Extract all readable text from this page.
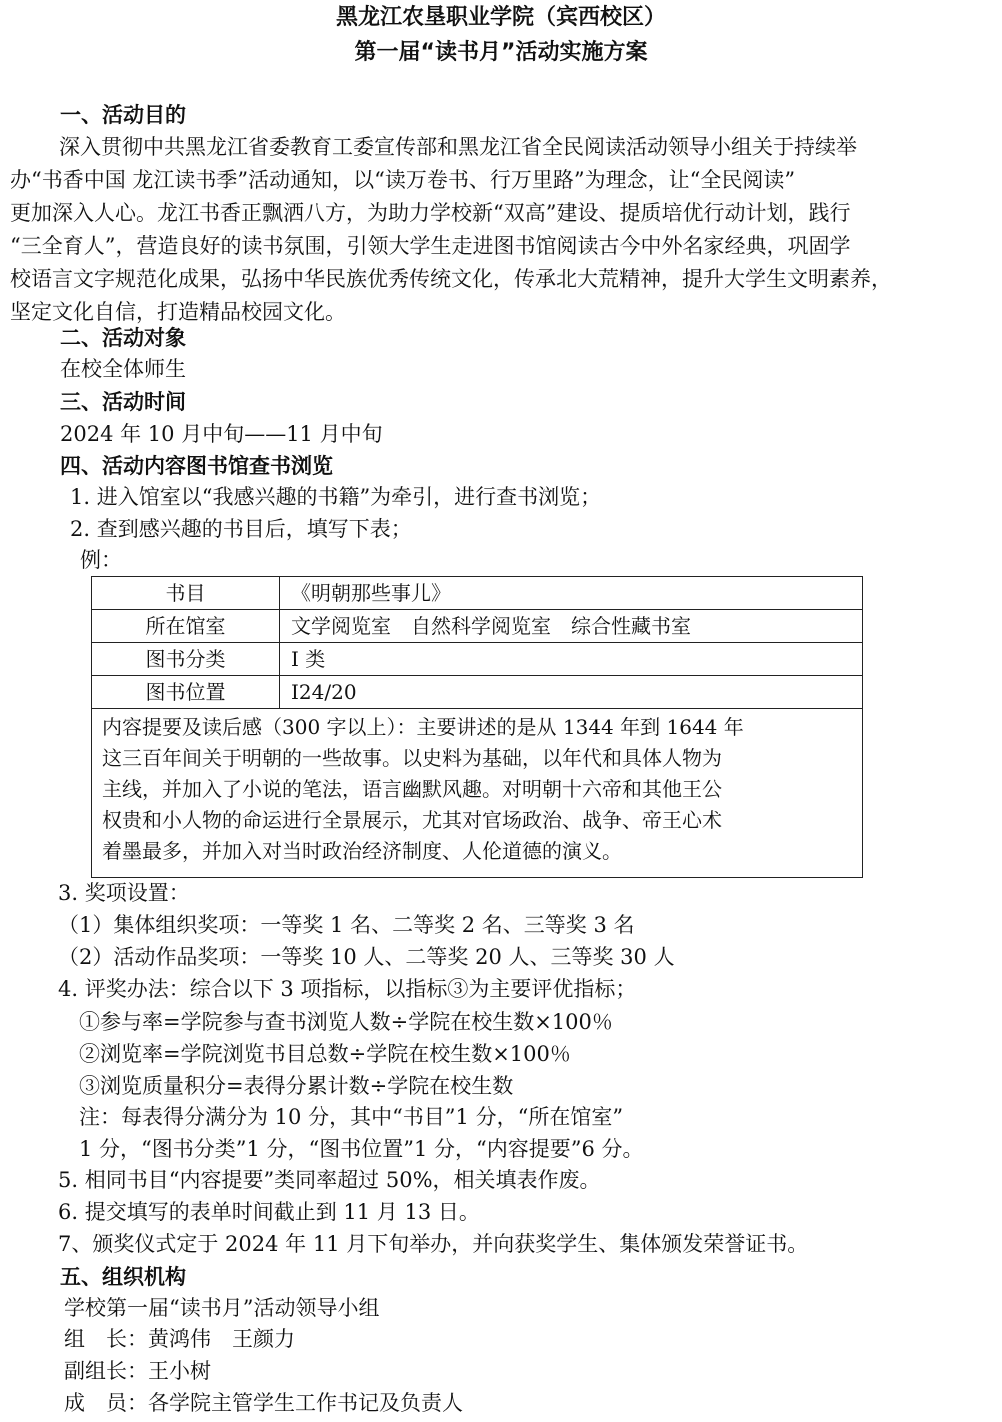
黑龙江农垦职业学院（宾西校区）
第一届“读书月”活动实施方案
一、活动目的

深入贯彻中共黑龙江省委教育工委宣传部和黑龙江省全民阅读活动领导小组关于持续举

办“书香中国 龙江读书季”活动通知，以“读万卷书、行万里路”为理念，让“全民阅读”

更加深入人心。龙江书香正飘洒八方，为助力学校新“双高”建设、提质培优行动计划，践行

“三全育人”，营造良好的读书氛围，引领大学生走进图书馆阅读古今中外名家经典，巩固学

校语言文字规范化成果，弘扬中华民族优秀传统文化，传承北大荒精神，提升大学生文明素养，

坚定文化自信，打造精品校园文化。

二、活动对象
在校全体师生
三、活动时间
2024 年 10 月中旬——11 月中旬
四、活动内容图书馆查书浏览
1. 进入馆室以“我感兴趣的书籍”为牵引，进行查书浏览；
2. 查到感兴趣的书目后，填写下表；
例：
书目	《明朝那些事儿》
所在馆室	文学阅览室　自然科学阅览室　综合性藏书室
图书分类	I 类
图书位置	I24/20

内容提要及读后感（300 字以上）：主要讲述的是从 1344 年到 1644 年
这三百年间关于明朝的一些故事。以史料为基础，以年代和具体人物为
主线，并加入了小说的笔法，语言幽默风趣。对明朝十六帝和其他王公
权贵和小人物的命运进行全景展示，尤其对官场政治、战争、帝王心术
着墨最多，并加入对当时政治经济制度、人伦道德的演义。	
3. 奖项设置：
（1）集体组织奖项：一等奖 1 名、二等奖 2 名、三等奖 3 名
（2）活动作品奖项：一等奖 10 人、二等奖 20 人、三等奖 30 人
4. 评奖办法：综合以下 3 项指标，以指标③为主要评优指标；
①参与率=学院参与查书浏览人数÷学院在校生数×100％
②浏览率=学院浏览书目总数÷学院在校生数×100％
③浏览质量积分=表得分累计数÷学院在校生数
注：每表得分满分为 10 分，其中“书目”1 分，“所在馆室”
1 分，“图书分类”1 分，“图书位置”1 分，“内容提要”6 分。
5. 相同书目“内容提要”类同率超过 50%，相关填表作废。
6. 提交填写的表单时间截止到 11 月 13 日。
7、颁奖仪式定于 2024 年 11 月下旬举办，并向获奖学生、集体颁发荣誉证书。
五、组织机构
学校第一届“读书月”活动领导小组
组　长：黄鸿伟　王颜力
副组长：王小树
成　员：各学院主管学生工作书记及负责人
